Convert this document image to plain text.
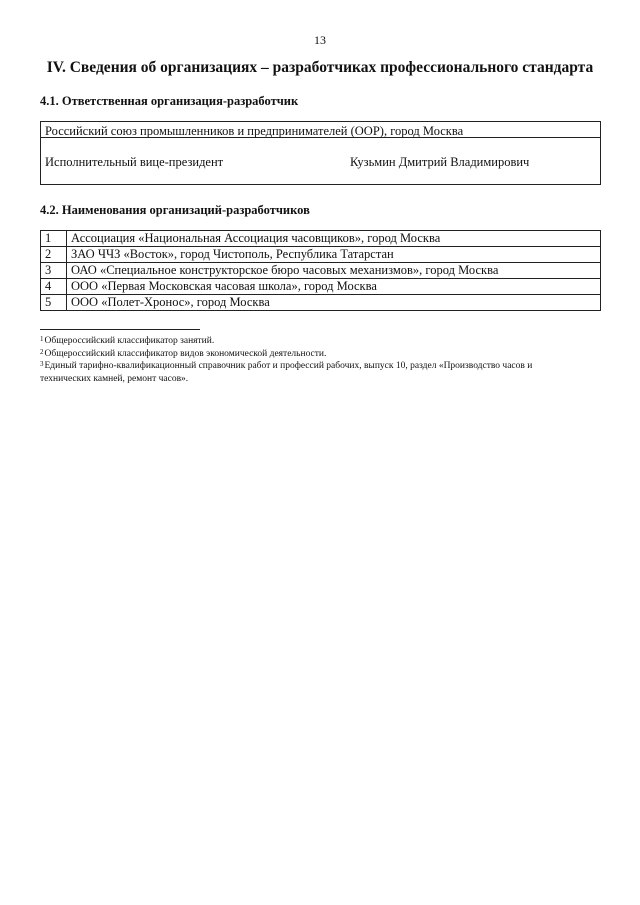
13
IV. Сведения об организациях – разработчиках профессионального стандарта
4.1. Ответственная организация-разработчик
Российский союз промышленников и предпринимателей (ООР), город Москва
Исполнительный вице-президент	Кузьмин Дмитрий Владимирович
4.2. Наименования организаций-разработчиков
1	Ассоциация «Национальная Ассоциация часовщиков», город Москва
2	ЗАО ЧЧЗ «Восток», город Чистополь, Республика Татарстан
3	ОАО «Специальное конструкторское бюро часовых механизмов», город Москва
4	ООО «Первая Московская часовая школа», город Москва
5	ООО «Полет-Хронос», город Москва

$^1$Общероссийский классификатор занятий.

$^2$Общероссийский классификатор видов экономической деятельности.

$^3$Единый тарифно-квалификационный справочник работ и профессий рабочих, выпуск 10, раздел «Производство часов и технических камней, ремонт часов».
